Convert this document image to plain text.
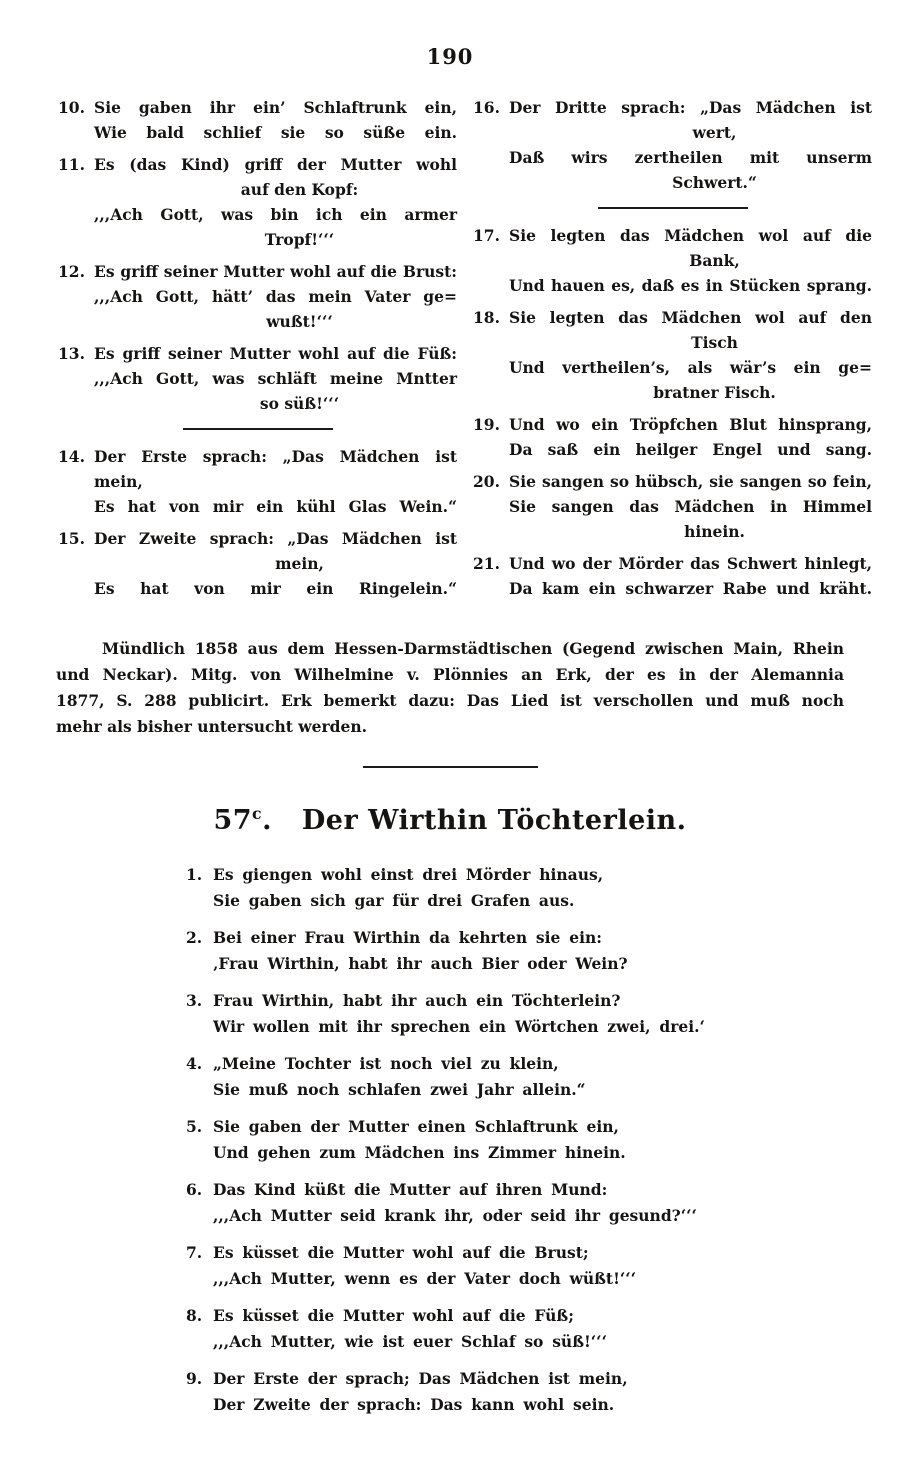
190
10. Sie gaben ihr ein’ Schlaftrunk ein,
Wie bald schlief sie so süße ein.
11. Es (das Kind) griff der Mutter wohl
auf den Kopf:
,,,Ach Gott, was bin ich ein armer
Tropf!‘‘‘
12. Es griff seiner Mutter wohl auf die Brust:
,,,Ach Gott, hätt’ das mein Vater ge=
wußt!‘‘‘
13. Es griff seiner Mutter wohl auf die Füß:
,,,Ach Gott, was schläft meine Mntter
so süß!‘‘‘
14. Der Erste sprach: „Das Mädchen ist mein,
Es hat von mir ein kühl Glas Wein.“
15. Der Zweite sprach: „Das Mädchen ist
mein,
Es hat von mir ein Ringelein.“
16. Der Dritte sprach: „Das Mädchen ist
wert,
Daß wirs zertheilen mit unserm
Schwert.“
17. Sie legten das Mädchen wol auf die
Bank,
Und hauen es, daß es in Stücken sprang.
18. Sie legten das Mädchen wol auf den
Tisch
Und vertheilen’s, als wär’s ein ge=
bratner Fisch.
19. Und wo ein Tröpfchen Blut hinsprang,
Da saß ein heilger Engel und sang.
20. Sie sangen so hübsch, sie sangen so fein,
Sie sangen das Mädchen in Himmel
hinein.
21. Und wo der Mörder das Schwert hinlegt,
Da kam ein schwarzer Rabe und kräht.
Mündlich 1858 aus dem Hessen-Darmstädtischen (Gegend zwischen Main, Rhein
und Neckar). Mitg. von Wilhelmine v. Plönnies an Erk, der es in der Alemannia
1877, S. 288 publicirt. Erk bemerkt dazu: Das Lied ist verschollen und muß noch
mehr als bisher untersucht werden.
57$^c$. Der Wirthin Töchterlein.
1. Es giengen wohl einst drei Mörder hinaus,
Sie gaben sich gar für drei Grafen aus.
2. Bei einer Frau Wirthin da kehrten sie ein:
‚Frau Wirthin, habt ihr auch Bier oder Wein?
3. Frau Wirthin, habt ihr auch ein Töchterlein?
Wir wollen mit ihr sprechen ein Wörtchen zwei, drei.‘
4. „Meine Tochter ist noch viel zu klein,
Sie muß noch schlafen zwei Jahr allein.“
5. Sie gaben der Mutter einen Schlaftrunk ein,
Und gehen zum Mädchen ins Zimmer hinein.
6. Das Kind küßt die Mutter auf ihren Mund:
,,,Ach Mutter seid krank ihr, oder seid ihr gesund?‘‘‘
7. Es küsset die Mutter wohl auf die Brust;
,,,Ach Mutter, wenn es der Vater doch wüßt!‘‘‘
8. Es küsset die Mutter wohl auf die Füß;
,,,Ach Mutter, wie ist euer Schlaf so süß!‘‘‘
9. Der Erste der sprach; Das Mädchen ist mein,
Der Zweite der sprach: Das kann wohl sein.
